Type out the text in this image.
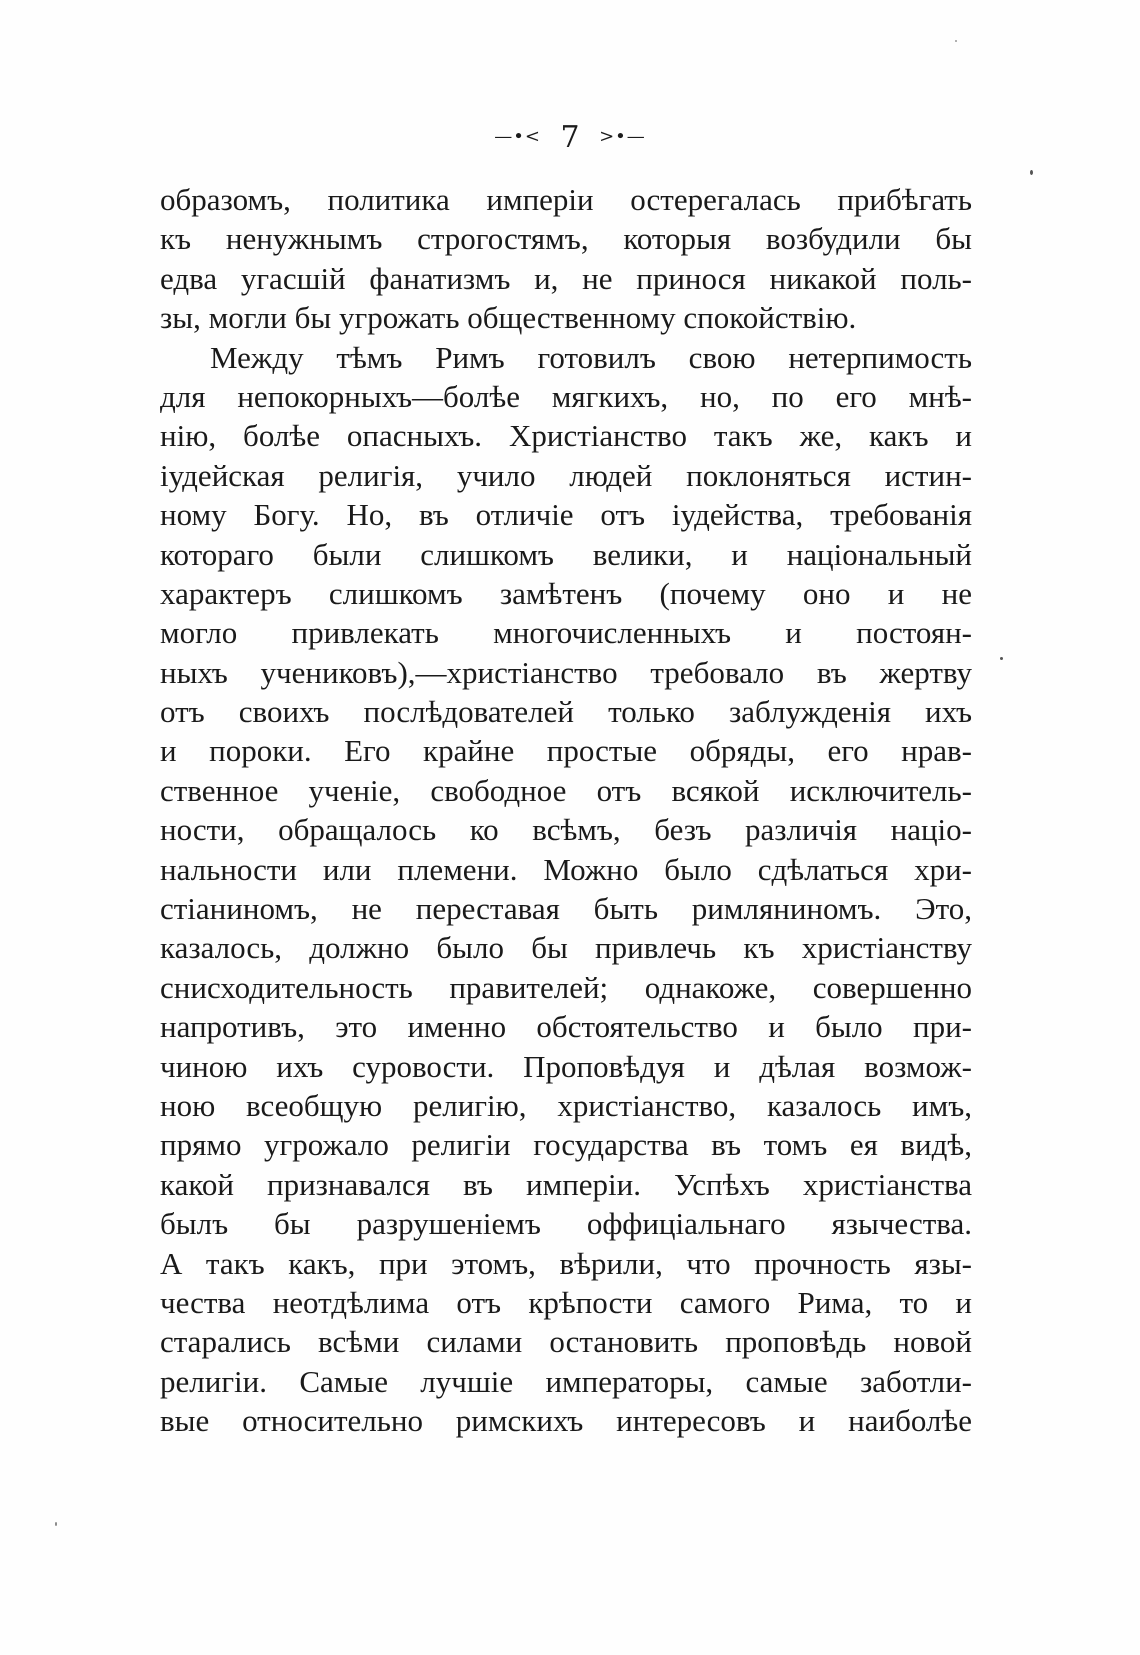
—•< 7 >•—
образомъ, политика имперіи остерегалась прибѣгать
къ ненужнымъ строгостямъ, которыя возбудили бы
едва угасшій фанатизмъ и, не принося никакой поль-
зы, могли бы угрожать общественному спокойствію.
Между тѣмъ Римъ готовилъ свою нетерпимость
для непокорныхъ—болѣе мягкихъ, но, по его мнѣ-
нію, болѣе опасныхъ. Христіанство такъ же, какъ и
іудейская религія, учило людей поклоняться истин-
ному Богу. Но, въ отличіе отъ іудейства, требованія
котораго были слишкомъ велики, и національный
характеръ слишкомъ замѣтенъ (почему оно и не
могло привлекать многочисленныхъ и постоян-
ныхъ учениковъ),—христіанство требовало въ жертву
отъ своихъ послѣдователей только заблужденія ихъ
и пороки. Его крайне простые обряды, его нрав-
ственное ученіе, свободное отъ всякой исключитель-
ности, обращалось ко всѣмъ, безъ различія націо-
нальности или племени. Можно было сдѣлаться хри-
стіаниномъ, не переставая быть римляниномъ. Это,
казалось, должно было бы привлечь къ христіанству
снисходительность правителей; однакоже, совершенно
напротивъ, это именно обстоятельство и было при-
чиною ихъ суровости. Проповѣдуя и дѣлая возмож-
ною всеобщую религію, христіанство, казалось имъ,
прямо угрожало религіи государства въ томъ ея видѣ,
какой признавался въ имперіи. Успѣхъ христіанства
былъ бы разрушеніемъ оффиціальнаго язычества.
А такъ какъ, при этомъ, вѣрили, что прочность язы-
чества неотдѣлима отъ крѣпости самого Рима, то и
старались всѣми силами остановить проповѣдь новой
религіи. Самые лучшіе императоры, самые заботли-
вые относительно римскихъ интересовъ и наиболѣе
